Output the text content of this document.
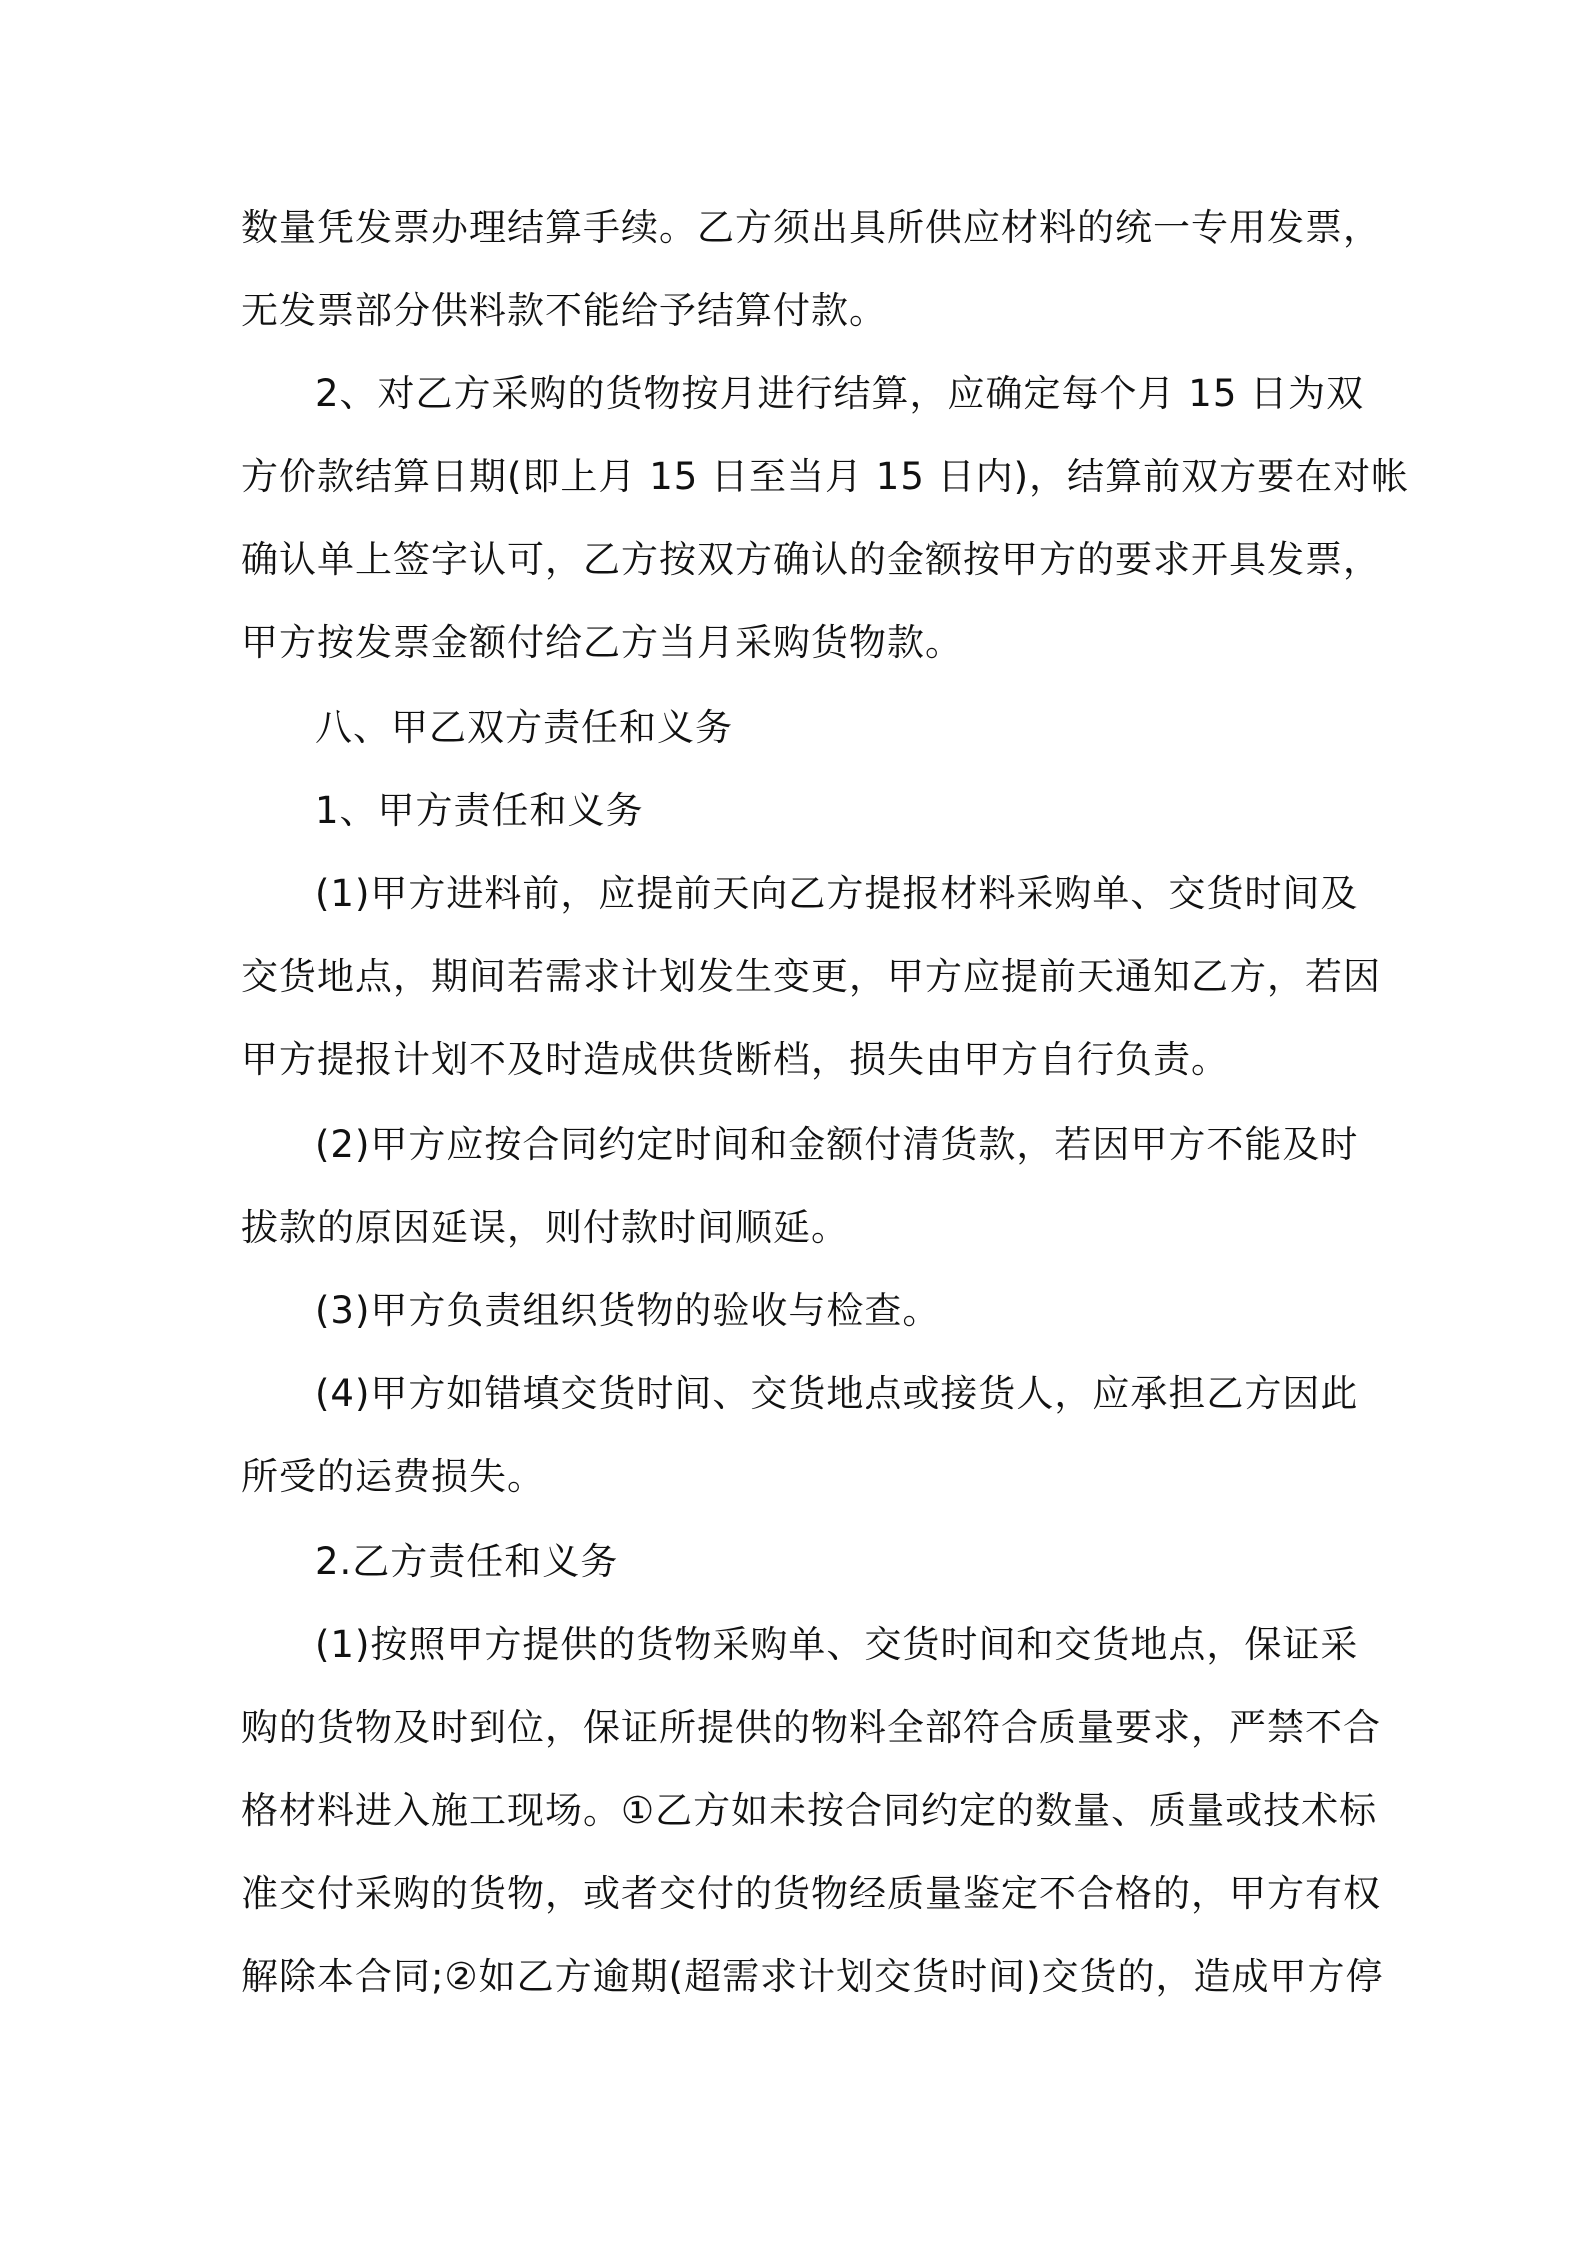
数量凭发票办理结算手续。乙方须出具所供应材料的统一专用发票，
无发票部分供料款不能给予结算付款。
2、对乙方采购的货物按月进行结算，应确定每个月 15 日为双
方价款结算日期(即上月 15 日至当月 15 日内)，结算前双方要在对帐
确认单上签字认可，乙方按双方确认的金额按甲方的要求开具发票，
甲方按发票金额付给乙方当月采购货物款。
八、甲乙双方责任和义务
1、甲方责任和义务
(1)甲方进料前，应提前天向乙方提报材料采购单、交货时间及
交货地点，期间若需求计划发生变更，甲方应提前天通知乙方，若因
甲方提报计划不及时造成供货断档，损失由甲方自行负责。
(2)甲方应按合同约定时间和金额付清货款，若因甲方不能及时
拔款的原因延误，则付款时间顺延。
(3)甲方负责组织货物的验收与检查。
(4)甲方如错填交货时间、交货地点或接货人，应承担乙方因此
所受的运费损失。
2.乙方责任和义务
(1)按照甲方提供的货物采购单、交货时间和交货地点，保证采
购的货物及时到位，保证所提供的物料全部符合质量要求，严禁不合
格材料进入施工现场。①乙方如未按合同约定的数量、质量或技术标
准交付采购的货物，或者交付的货物经质量鉴定不合格的，甲方有权
解除本合同;②如乙方逾期(超需求计划交货时间)交货的，造成甲方停
